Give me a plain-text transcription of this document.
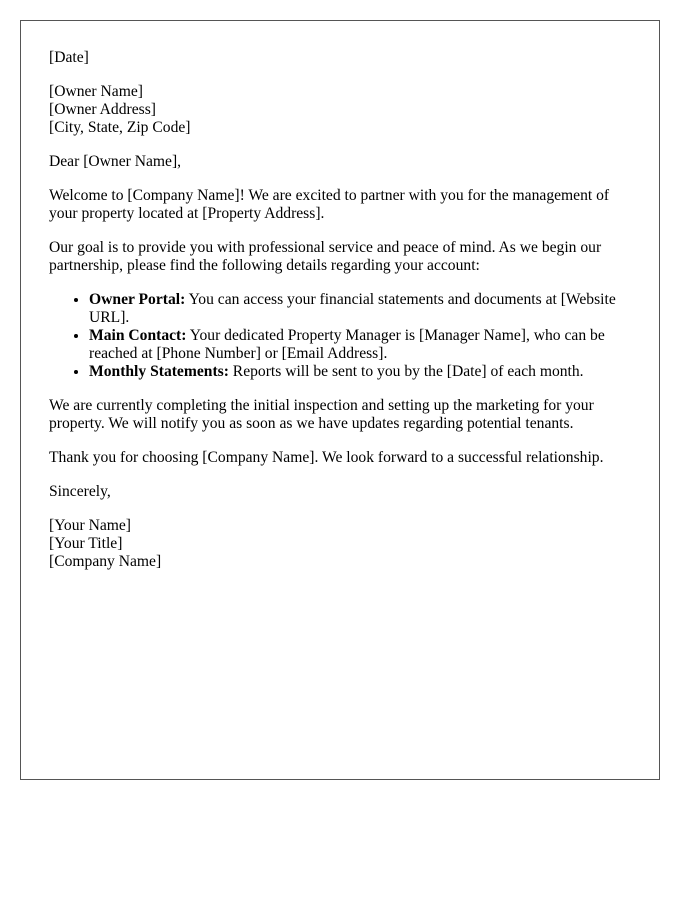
[Date]

[Owner Name]
[Owner Address]
[City, State, Zip Code]

Dear [Owner Name],

Welcome to [Company Name]! We are excited to partner with you for the management of your property located at [Property Address].

Our goal is to provide you with professional service and peace of mind. As we begin our partnership, please find the following details regarding your account:

• Owner Portal: You can access your financial statements and documents at [Website URL].
• Main Contact: Your dedicated Property Manager is [Manager Name], who can be reached at [Phone Number] or [Email Address].
• Monthly Statements: Reports will be sent to you by the [Date] of each month.

We are currently completing the initial inspection and setting up the marketing for your property. We will notify you as soon as we have updates regarding potential tenants.

Thank you for choosing [Company Name]. We look forward to a successful relationship.

Sincerely,

[Your Name]
[Your Title]
[Company Name]
